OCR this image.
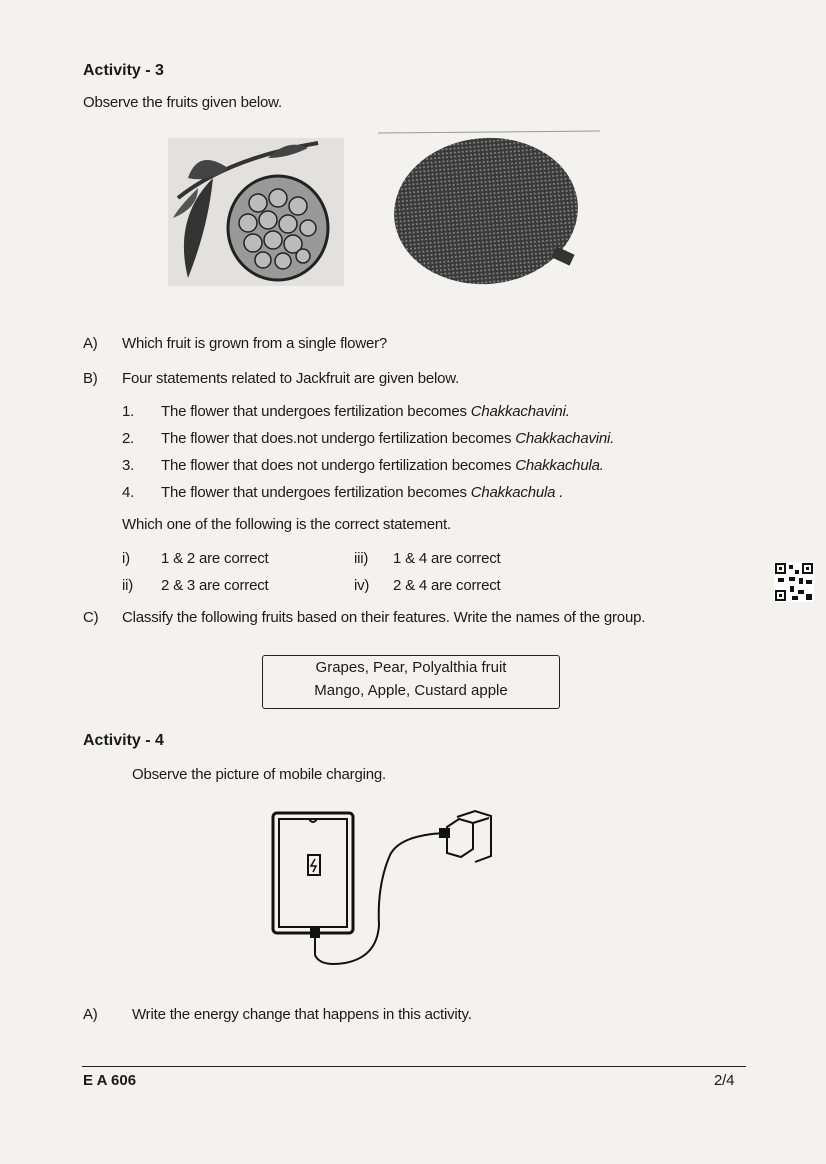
Activity - 3
Observe the fruits given below.
A) Which fruit is grown from a single flower?
B) Four statements related to Jackfruit are given below.
1. The flower that undergoes fertilization becomes Chakkachavini.
2. The flower that does.not undergo fertilization becomes Chakkachavini.
3. The flower that does not undergo fertilization becomes Chakkachula.
4. The flower that undergoes fertilization becomes Chakkachula .
Which one of the following is the correct statement.
i) 1 & 2 are correct
ii) 2 & 3 are correct
iii) 1 & 4 are correct
iv) 2 & 4 are correct
C) Classify the following fruits based on their features. Write the names of the group.
Grapes, Pear, Polyalthia fruit
Mango, Apple, Custard apple
Activity - 4
Observe the picture of mobile charging.
A) Write the energy change that happens in this activity.
E A 606	2/4
